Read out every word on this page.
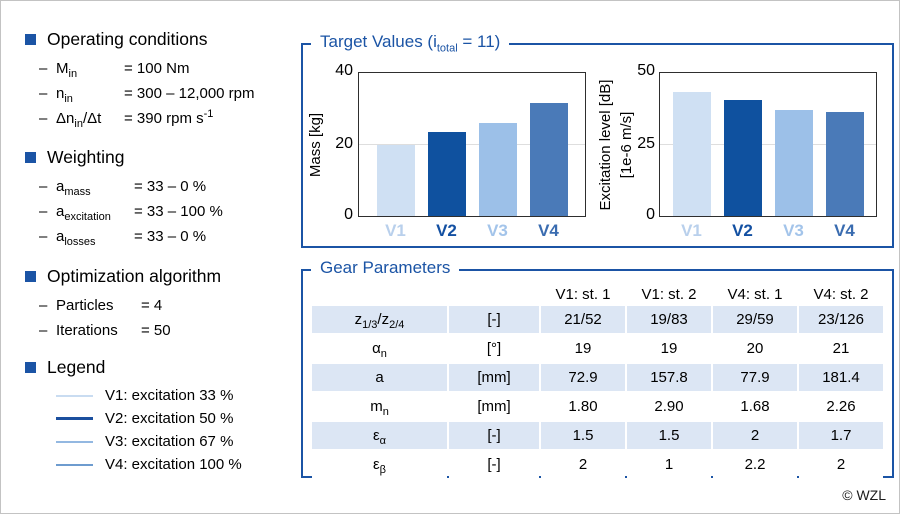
Operating conditions
– $M_{in}$	= 100 Nm
– $n_{in}$	= 300 – 12,000 rpm
– $\Delta n_{in}/\Delta t$	= 390 rpm $s^{-1}$
Weighting
– $a_{mass}$	= 33 – 0 %
– $a_{excitation}$	= 33 – 100 %
– $a_{losses}$	= 33 – 0 %
Optimization algorithm
– Particles	= 4
– Iterations	= 50
Legend
V1: excitation 33 %
V2: excitation 50 %
V3: excitation 67 %
V4: excitation 100 %
Target Values $(i_{total} = 11)$
Mass [kg]
40
20
0
V1	V2	V3	V4
Excitation level [dB] [1e-6 m/s]
50
25
0
V1	V2	V3	V4
Gear Parameters
		V1: st. 1	V1: st. 2	V4: st. 1	V4: st. 2
$z_{1/3}/z_{2/4}$	[-]	21/52	19/83	29/59	23/126
$\alpha_n$	[°]	19	19	20	21
a	[mm]	72.9	157.8	77.9	181.4
$m_n$	[mm]	1.80	2.90	1.68	2.26
$\varepsilon_\alpha$	[-]	1.5	1.5	2	1.7
$\varepsilon_\beta$	[-]	2	1	2.2	2
© WZL
